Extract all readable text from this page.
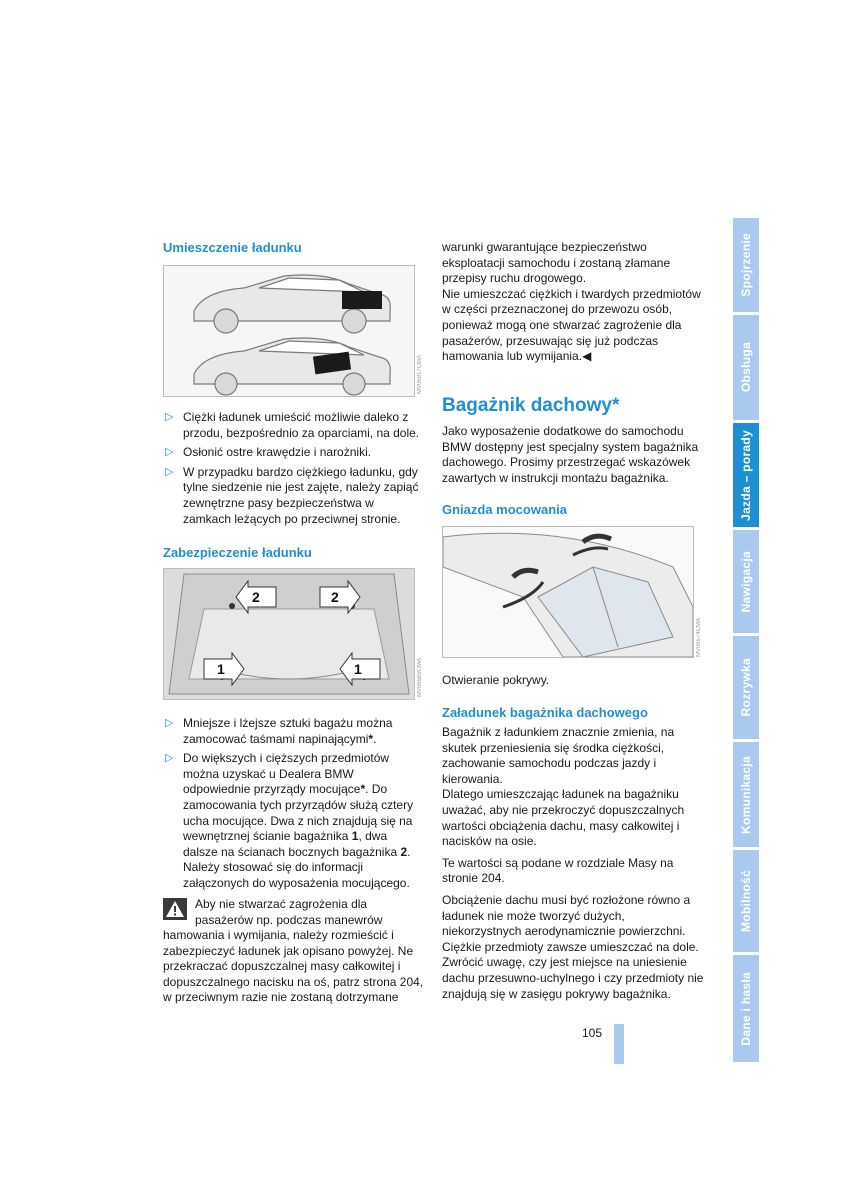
Umieszczenie ładunku
MV06917CMA
▷ Ciężki ładunek umieścić możliwie daleko z przodu, bezpośrednio za oparciami, na dole.
▷ Osłonić ostre krawędzie i narożniki.
▷ W przypadku bardzo ciężkiego ładunku, gdy tylne siedzenie nie jest zajęte, należy zapiąć zewnętrzne pasy bezpieczeństwa w zamkach leżących po przeciwnej stronie.
Zabezpieczenie ładunku
2	2
1	1	MV06569CMA
▷ Mniejsze i lżejsze sztuki bagażu można zamocować taśmami napinającymi*.
▷ Do większych i cięższych przedmiotów można uzyskać u Dealera BMW odpowiednie przyrządy mocujące*. Do zamocowania tych przyrządów służą cztery ucha mocujące. Dwa z nich znajdują się na wewnętrznej ścianie bagażnika 1, dwa dalsze na ścianach bocznych bagażnika 2. Należy stosować się do informacji załączonych do wyposażenia mocującego.
Aby nie stwarzać zagrożenia dla
pasażerów np. podczas manewrów
hamowania i wymijania, należy rozmieścić i zabezpieczyć ładunek jak opisano powyżej. Ne przekraczać dopuszczalnej masy całkowitej i dopuszczalnego nacisku na oś, patrz strona 204, w przeciwnym razie nie zostaną dotrzymane

warunki gwarantujące bezpieczeństwo eksploatacji samochodu i zostaną złamane przepisy ruchu drogowego.

Nie umieszczać ciężkich i twardych przedmiotów w części przeznaczonej do przewozu osób, ponieważ mogą one stwarzać zagrożenie dla pasażerów, przesuwając się już podczas hamowania lub wymijania.◀

Bagażnik dachowy*
Jako wyposażenie dodatkowe do samochodu BMW dostępny jest specjalny system bagażnika dachowego. Prosimy przestrzegać wskazówek zawartych w instrukcji montażu bagażnika.
Gniazda mocowania
MV06574CMA
Otwieranie pokrywy.
Załadunek bagażnika dachowego

Bagażnik z ładunkiem znacznie zmienia, na skutek przeniesienia się środka ciężkości, zachowanie samochodu podczas jazdy i kierowania.

Dlatego umieszczając ładunek na bagażniku uważać, aby nie przekroczyć dopuszczalnych wartości obciążenia dachu, masy całkowitej i nacisków na osie.

Te wartości są podane w rozdziale Masy na stronie 204.

Obciążenie dachu musi być rozłożone równo a ładunek nie może tworzyć dużych, niekorzystnych aerodynamicznie powierzchni. Ciężkie przedmioty zawsze umieszczać na dole. Zwrócić uwagę, czy jest miejsce na uniesienie dachu przesuwno-uchylnego i czy przedmioty nie znajdują się w zasięgu pokrywy bagażnika.

105
Spojrzenie
Obsługa
Jazda – porady
Nawigacja
Rozrywka
Komunikacja
Mobilność
Dane i hasła
